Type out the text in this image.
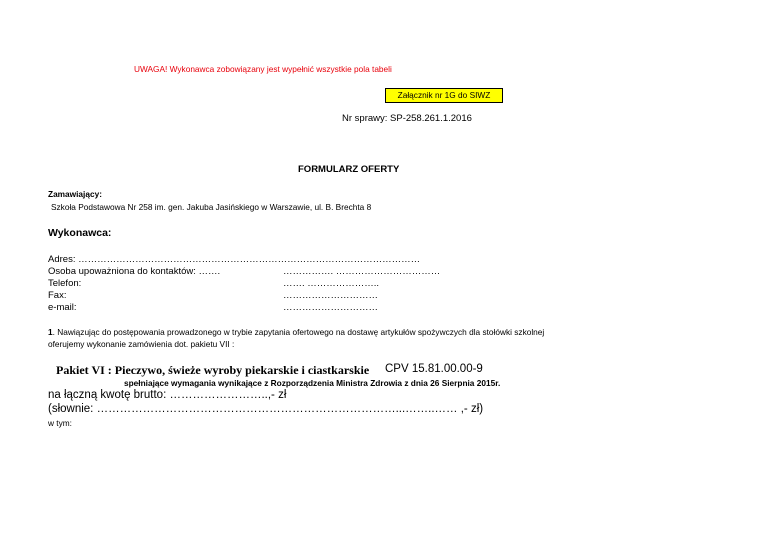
UWAGA! Wykonawca zobowiązany jest wypełnić wszystkie pola tabeli
Załącznik nr 1G do SIWZ
Nr sprawy: SP-258.261.1.2016
FORMULARZ OFERTY
Zamawiający:
Szkoła Podstawowa Nr 258 im. gen. Jakuba Jasińskiego w Warszawie, ul. B. Brechta 8
Wykonawca:
Adres: ………………………………………………………………………………………………
Osoba upoważniona do kontaktów: …….	……………. ……………………………
Telefon:	……. …………………..
Fax:	…………………………
e-mail:	…………………………
1. Nawiązując do postępowania prowadzonego w trybie zapytania ofertowego na dostawę artykułów spożywczych dla stołówki szkolnej
oferujemy wykonanie zamówienia dot. pakietu VII :
Pakiet VI : Pieczywo, świeże wyroby piekarskie i ciastkarskie CPV 15.81.00.00-9
spełniające wymagania wynikające z Rozporządzenia Ministra Zdrowia z dnia 26 Sierpnia 2015r.
na łączną kwotę brutto: ……………………..,- zł
(słownie: ……………………………………………………………………...……..…… ,- zł)
w tym:
